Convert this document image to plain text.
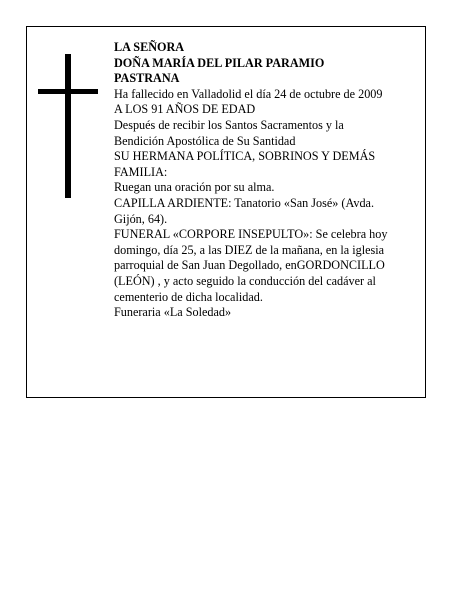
LA SEÑORA

DOÑA MARÍA DEL PILAR PARAMIO

PASTRANA

Ha fallecido en Valladolid el día 24 de octubre de 2009

A LOS 91 AÑOS DE EDAD

Después de recibir los Santos Sacramentos y la

Bendición Apostólica de Su Santidad

SU HERMANA POLÍTICA, SOBRINOS Y DEMÁS

FAMILIA:

Ruegan una oración por su alma.

CAPILLA ARDIENTE: Tanatorio «San José» (Avda.

Gijón, 64).

FUNERAL «CORPORE INSEPULTO»: Se celebra hoy

domingo, día 25, a las DIEZ de la mañana, en la iglesia

parroquial de San Juan Degollado, enGORDONCILLO

(LEÓN) , y acto seguido la conducción del cadáver al

cementerio de dicha localidad.

Funeraria «La Soledad»
